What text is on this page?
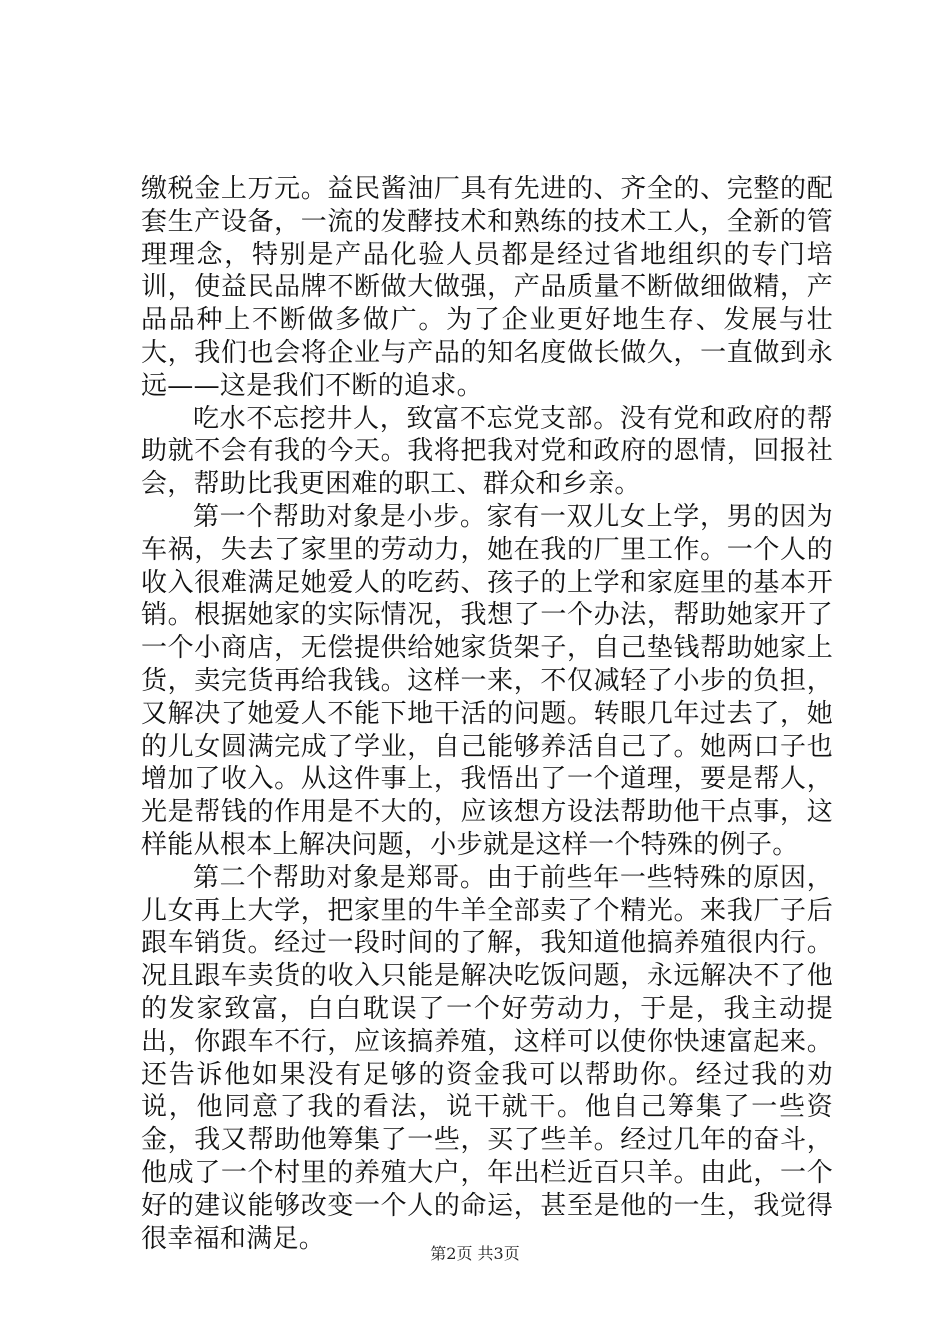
缴税金上万元。益民酱油厂具有先进的、齐全的、完整的配套生产设备，一流的发酵技术和熟练的技术工人，全新的管理理念，特别是产品化验人员都是经过省地组织的专门培训，使益民品牌不断做大做强，产品质量不断做细做精，产品品种上不断做多做广。为了企业更好地生存、发展与壮大，我们也会将企业与产品的知名度做长做久，一直做到永远——这是我们不断的追求。

吃水不忘挖井人，致富不忘党支部。没有党和政府的帮助就不会有我的今天。我将把我对党和政府的恩情，回报社会，帮助比我更困难的职工、群众和乡亲。

第一个帮助对象是小步。家有一双儿女上学，男的因为车祸，失去了家里的劳动力，她在我的厂里工作。一个人的收入很难满足她爱人的吃药、孩子的上学和家庭里的基本开销。根据她家的实际情况，我想了一个办法，帮助她家开了一个小商店，无偿提供给她家货架子，自己垫钱帮助她家上货，卖完货再给我钱。这样一来，不仅减轻了小步的负担，又解决了她爱人不能下地干活的问题。转眼几年过去了，她的儿女圆满完成了学业，自己能够养活自己了。她两口子也增加了收入。从这件事上，我悟出了一个道理，要是帮人，光是帮钱的作用是不大的，应该想方设法帮助他干点事，这样能从根本上解决问题，小步就是这样一个特殊的例子。

第二个帮助对象是郑哥。由于前些年一些特殊的原因，儿女再上大学，把家里的牛羊全部卖了个精光。来我厂子后跟车销货。经过一段时间的了解，我知道他搞养殖很内行。况且跟车卖货的收入只能是解决吃饭问题，永远解决不了他的发家致富，白白耽误了一个好劳动力，于是，我主动提出，你跟车不行，应该搞养殖，这样可以使你快速富起来。还告诉他如果没有足够的资金我可以帮助你。经过我的劝说，他同意了我的看法，说干就干。他自己筹集了一些资金，我又帮助他筹集了一些，买了些羊。经过几年的奋斗，他成了一个村里的养殖大户，年出栏近百只羊。由此，一个好的建议能够改变一个人的命运，甚至是他的一生，我觉得很幸福和满足。	第2页 共3页
